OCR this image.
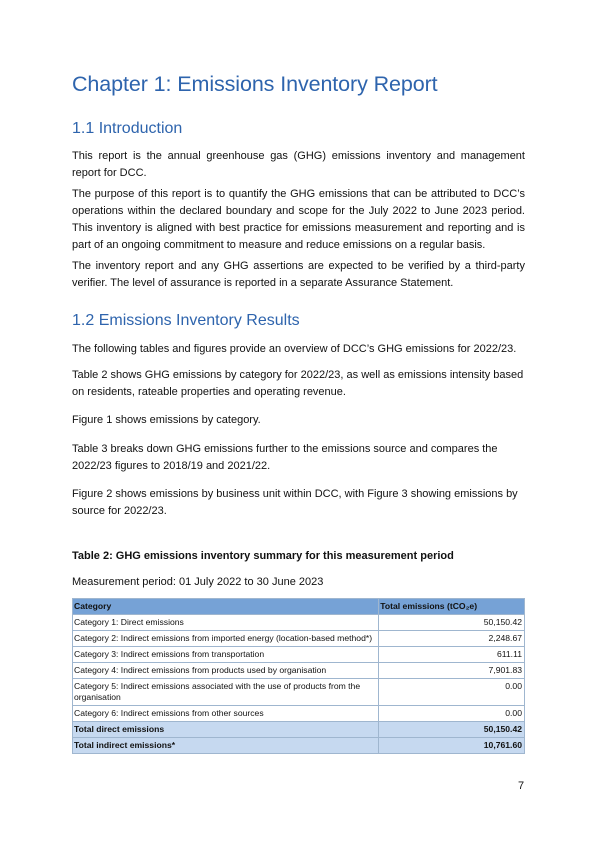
Chapter 1: Emissions Inventory Report
1.1 Introduction

This report is the annual greenhouse gas (GHG) emissions inventory and management report for DCC.

The purpose of this report is to quantify the GHG emissions that can be attributed to DCC’s operations within the declared boundary and scope for the July 2022 to June 2023 period. This inventory is aligned with best practice for emissions measurement and reporting and is part of an ongoing commitment to measure and reduce emissions on a regular basis.

The inventory report and any GHG assertions are expected to be verified by a third-party verifier. The level of assurance is reported in a separate Assurance Statement.

1.2 Emissions Inventory Results

The following tables and figures provide an overview of DCC’s GHG emissions for 2022/23.

Table 2 shows GHG emissions by category for 2022/23, as well as emissions intensity based on residents, rateable properties and operating revenue.

Figure 1 shows emissions by category.

Table 3 breaks down GHG emissions further to the emissions source and compares the 2022/23 figures to 2018/19 and 2021/22.

Figure 2 shows emissions by business unit within DCC, with Figure 3 showing emissions by source for 2022/23.

Table 2: GHG emissions inventory summary for this measurement period
Measurement period: 01 July 2022 to 30 June 2023
Category	Total emissions (tCO₂e)
Category 1: Direct emissions	50,150.42
Category 2: Indirect emissions from imported energy (location-based method*)	2,248.67
Category 3: Indirect emissions from transportation	611.11
Category 4: Indirect emissions from products used by organisation	7,901.83
Category 5: Indirect emissions associated with the use of products from the organisation	0.00
Category 6: Indirect emissions from other sources	0.00
Total direct emissions	50,150.42
Total indirect emissions*	10,761.60
7
